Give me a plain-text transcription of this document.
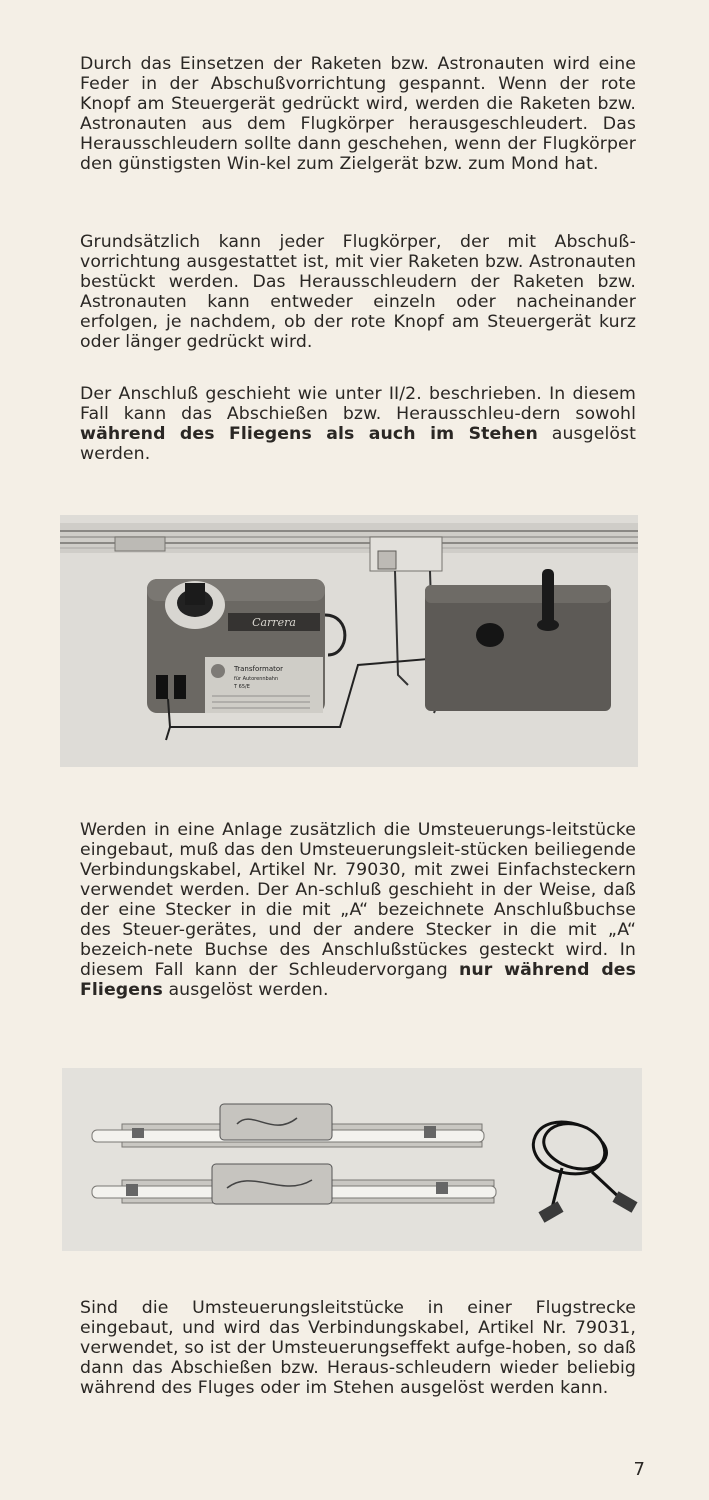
Durch das Einsetzen der Raketen bzw. Astronauten wird eine Feder in der Abschußvorrichtung gespannt. Wenn der rote Knopf am Steuergerät gedrückt wird, werden die Raketen bzw. Astronauten aus dem Flugkörper herausgeschleudert. Das Herausschleudern sollte dann geschehen, wenn der Flugkörper den günstigsten Win-kel zum Zielgerät bzw. zum Mond hat.

Grundsätzlich kann jeder Flugkörper, der mit Abschuß-vorrichtung ausgestattet ist, mit vier Raketen bzw. Astronauten bestückt werden. Das Herausschleudern der Raketen bzw. Astronauten kann entweder einzeln oder nacheinander erfolgen, je nachdem, ob der rote Knopf am Steuergerät kurz oder länger gedrückt wird.

Der Anschluß geschieht wie unter II/2. beschrieben. In diesem Fall kann das Abschießen bzw. Herausschleu-dern sowohl während des Fliegens als auch im Stehen ausgelöst werden.

Carrera
Transformator
für Autorennbahn
T 65/E

Werden in eine Anlage zusätzlich die Umsteuerungs-leitstücke eingebaut, muß das den Umsteuerungsleit-stücken beiliegende Verbindungskabel, Artikel Nr. 79030, mit zwei Einfachsteckern verwendet werden. Der An-schluß geschieht in der Weise, daß der eine Stecker in die mit „A“ bezeichnete Anschlußbuchse des Steuer-gerätes, und der andere Stecker in die mit „A“ bezeich-nete Buchse des Anschlußstückes gesteckt wird. In diesem Fall kann der Schleudervorgang nur während des Fliegens ausgelöst werden.

Sind die Umsteuerungsleitstücke in einer Flugstrecke eingebaut, und wird das Verbindungskabel, Artikel Nr. 79031, verwendet, so ist der Umsteuerungseffekt aufge-hoben, so daß dann das Abschießen bzw. Heraus-schleudern wieder beliebig während des Fluges oder im Stehen ausgelöst werden kann.

7
